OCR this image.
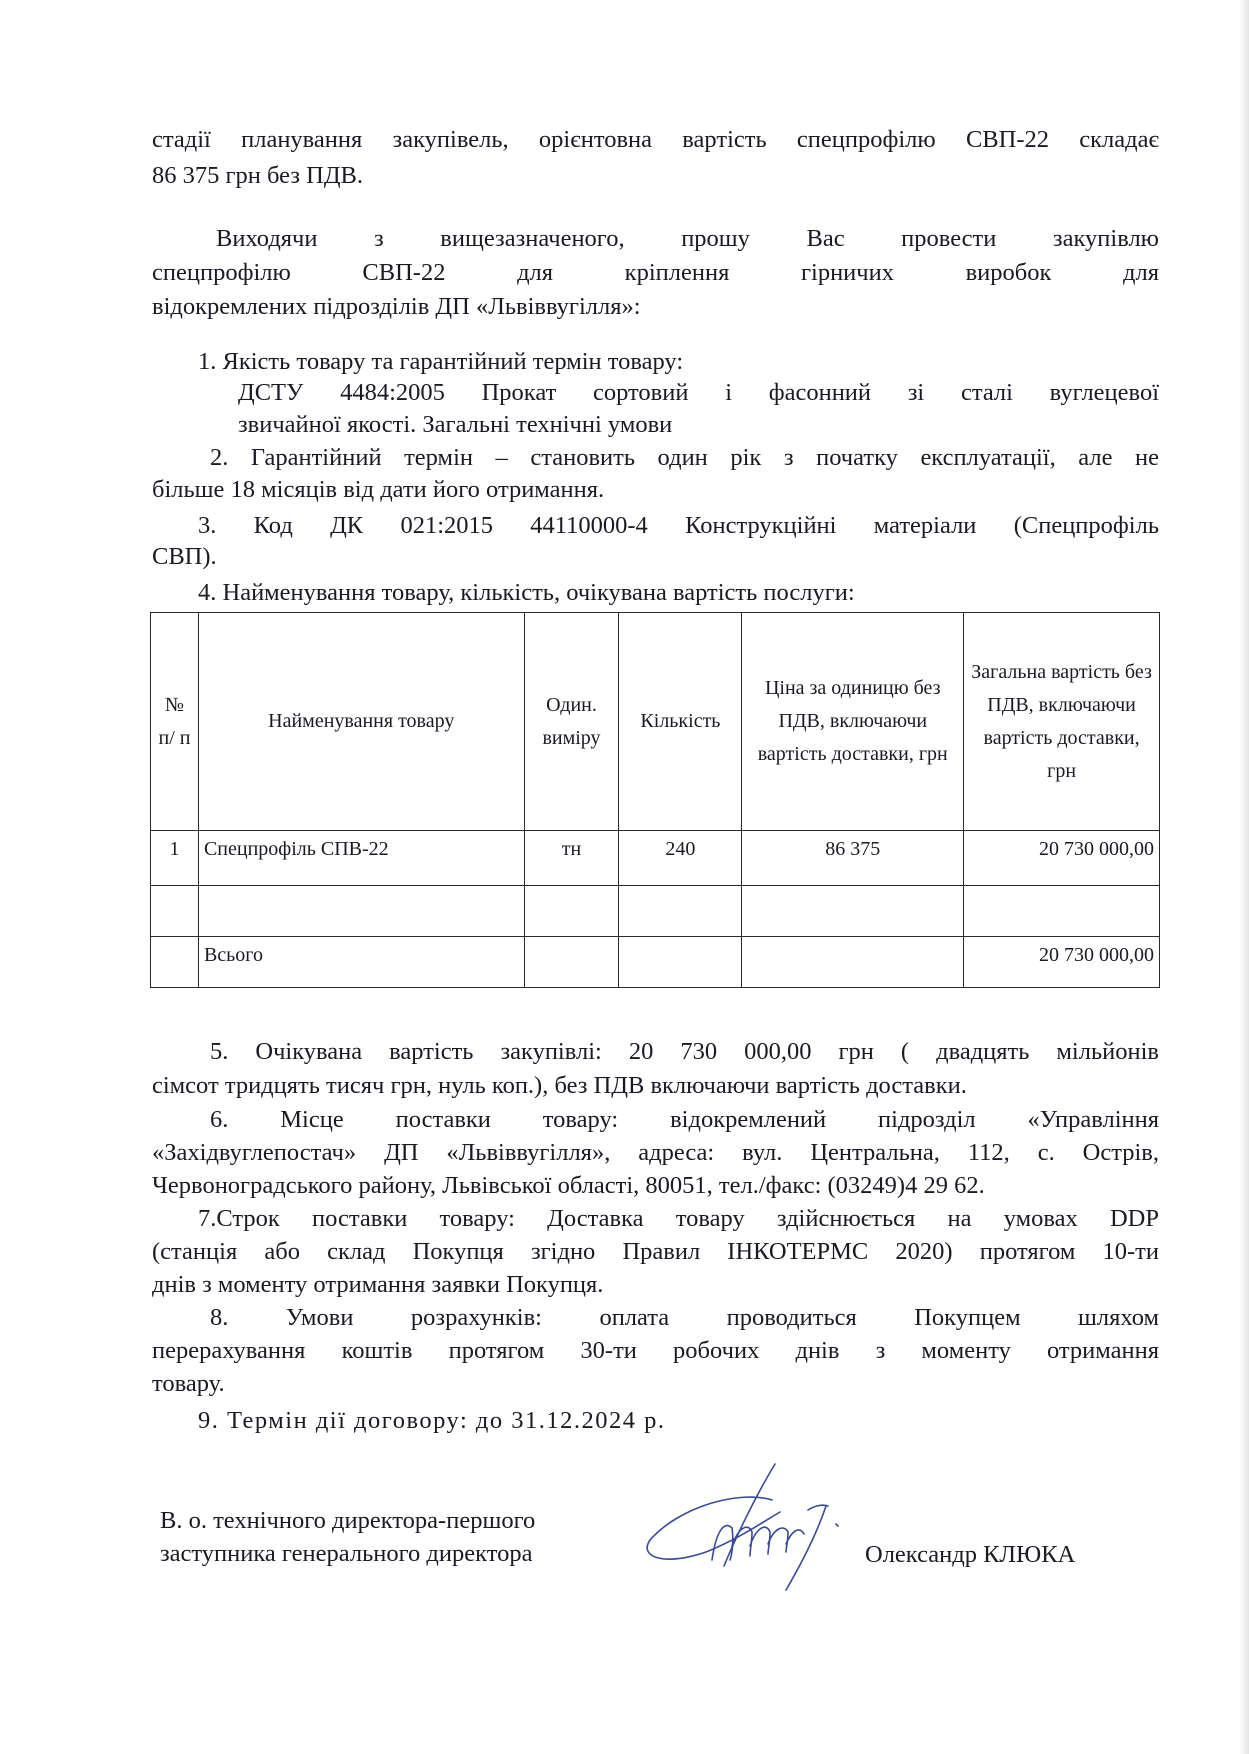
стадії планування закупівель, орієнтовна вартість спецпрофілю СВП-22 складає
86 375 грн без ПДВ.
Виходячи з вищезазначеного, прошу Вас провести закупівлю
спецпрофілю СВП-22 для кріплення гірничих виробок для
відокремлених підрозділів ДП «Львіввугілля»:
1. Якість товару та гарантійний термін товару:
ДСТУ 4484:2005 Прокат сортовий і фасонний зі сталі вуглецевої
звичайної якості. Загальні технічні умови
2. Гарантійний термін – становить один рік з початку експлуатації, але не
більше 18 місяців від дати його отримання.
3. Код ДК 021:2015 44110000-4 Конструкційні матеріали (Спецпрофіль
СВП).
4. Найменування товару, кількість, очікувана вартість послуги:
№ п/ п	Найменування товару	Один. виміру	Кількість	Ціна за одиницю без ПДВ, включаючи вартість доставки, грн	Загальна вартість без ПДВ, включаючи вартість доставки, грн
1	Спецпрофіль СПВ-22	тн	240	86 375	20 730 000,00

	Всього				20 730 000,00
5. Очікувана вартість закупівлі: 20 730 000,00 грн ( двадцять мільйонів
сімсот тридцять тисяч грн, нуль коп.), без ПДВ включаючи вартість доставки.
6. Місце поставки товару: відокремлений підрозділ «Управління
«Західвуглепостач» ДП «Львіввугілля», адреса: вул. Центральна, 112, с. Острів,
Червоноградського району, Львівської області, 80051, тел./факс: (03249)4 29 62.
7.Строк поставки товару: Доставка товару здійснюється на умовах DDP
(станція або склад Покупця згідно Правил ІНКОТЕРМС 2020) протягом 10-ти
днів з моменту отримання заявки Покупця.
8. Умови розрахунків: оплата проводиться Покупцем шляхом
перерахування коштів протягом 30-ти робочих днів з моменту отримання
товару.
9. Термін дії договору: до 31.12.2024 р.
В. о. технічного директора-першого
заступника генерального директора	Олександр КЛЮКА
